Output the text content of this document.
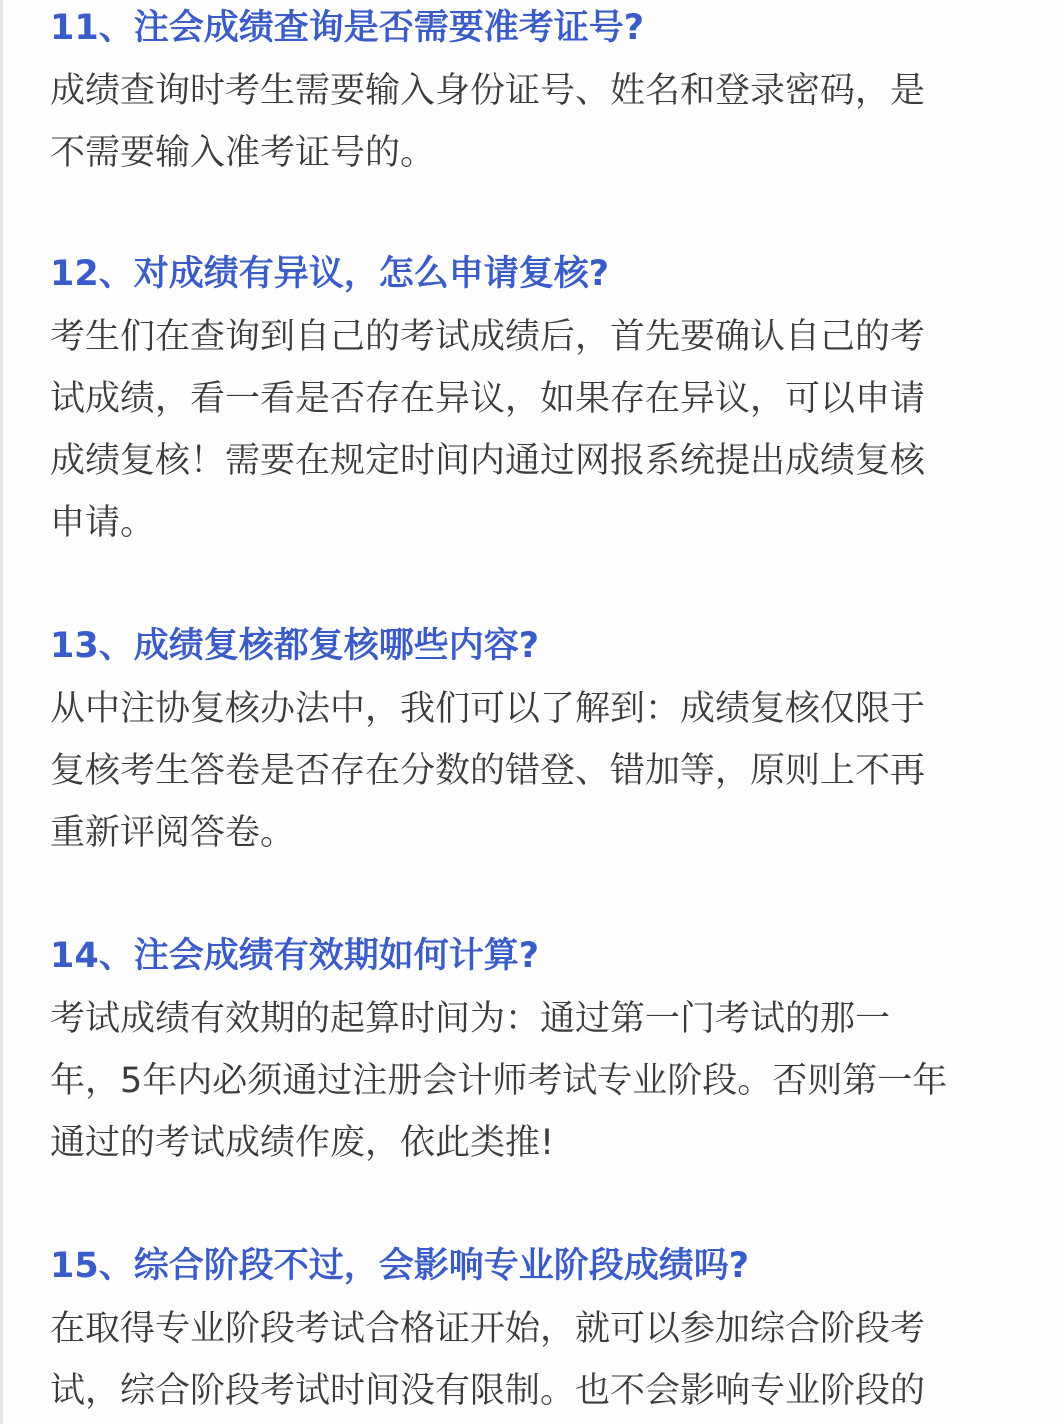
11、注会成绩查询是否需要准考证号?

成绩查询时考生需要输入身份证号、姓名和登录密码，是

不需要输入准考证号的。

12、对成绩有异议，怎么申请复核?

考生们在查询到自己的考试成绩后，首先要确认自己的考

试成绩，看一看是否存在异议，如果存在异议，可以申请

成绩复核！需要在规定时间内通过网报系统提出成绩复核

申请。

13、成绩复核都复核哪些内容?

从中注协复核办法中，我们可以了解到：成绩复核仅限于

复核考生答卷是否存在分数的错登、错加等，原则上不再

重新评阅答卷。

14、注会成绩有效期如何计算?

考试成绩有效期的起算时间为：通过第一门考试的那一

年，5年内必须通过注册会计师考试专业阶段。否则第一年

通过的考试成绩作废，依此类推!

15、综合阶段不过，会影响专业阶段成绩吗?

在取得专业阶段考试合格证开始，就可以参加综合阶段考

试，综合阶段考试时间没有限制。也不会影响专业阶段的
